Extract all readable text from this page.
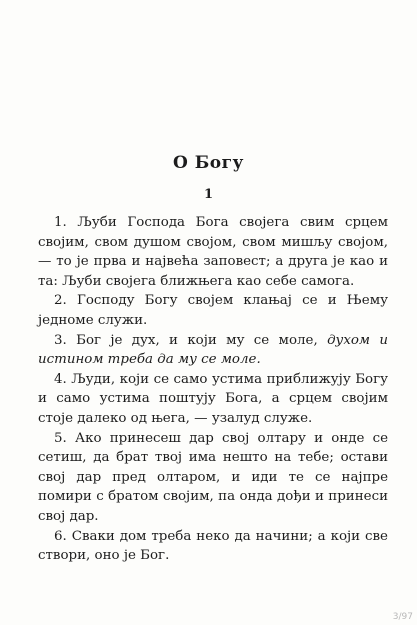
О Богу
1

1. Љуби Господа Бога својега свим срцем својим, свом душом својом, свом мишљу својом, — то је прва и највећа заповест; а друга је као и та: Љуби својега ближњега као себе самога.

2. Господу Богу својем клањај се и Њему једноме служи.

3. Бог је дух, и који му се моле, духом и истином треба да му се моле.

4. Људи, који се само устима приближују Богу и само устима поштују Бога, а срцем својим стоје далеко од њега, — узалуд служе.

5. Ако принесеш дар свој олтару и онде се сетиш, да брат твој има нешто на тебе; остави свој дар пред олтаром, и иди те се најпре помири с братом својим, па онда дођи и принеси свој дар.

6. Сваки дом треба неко да начини; а који све створи, оно је Бог.

3/97
